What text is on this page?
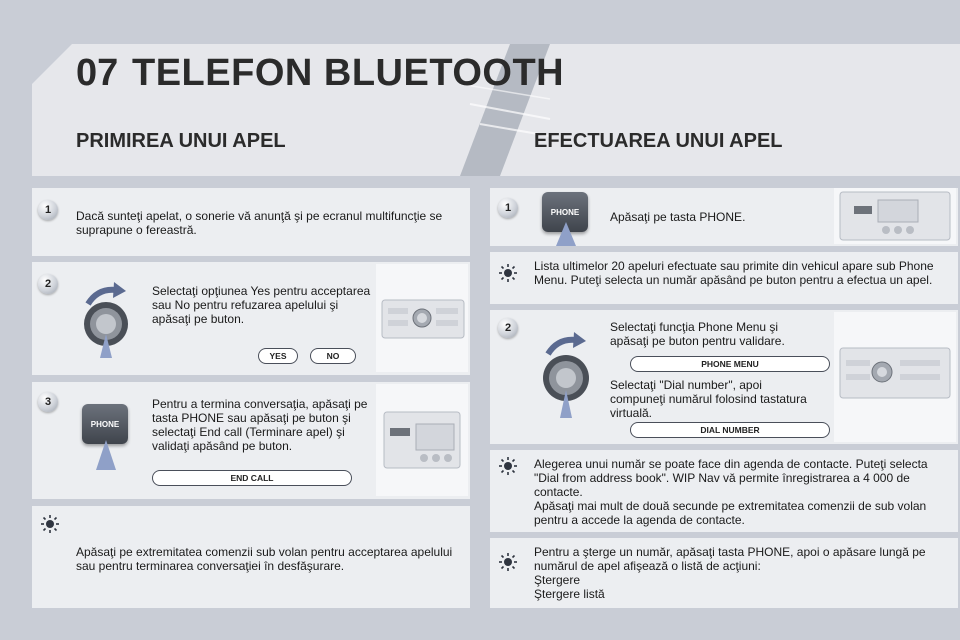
07 TELEFON BLUETOOTH
PRIMIREA UNUI APEL	EFECTUAREA UNUI APEL
1	Dacă sunteţi apelat, o sonerie vă anunţă şi pe ecranul multifuncţie se suprapune o fereastră.
2	Selectaţi opţiunea Yes pentru acceptarea sau No pentru refuzarea apelului şi apăsaţi pe buton.
YES	NO
3
PHONE
Pentru a termina conversaţia, apăsaţi pe tasta PHONE sau apăsaţi pe buton şi selectaţi End call (Terminare apel) şi validaţi apăsând pe buton.
END CALL
Apăsaţi pe extremitatea comenzii sub volan pentru acceptarea apelului sau pentru terminarea conversaţiei în desfăşurare.
1	PHONE	Apăsaţi pe tasta PHONE.
Lista ultimelor 20 apeluri efectuate sau primite din vehicul apare sub Phone Menu. Puteţi selecta un număr apăsând pe buton pentru a efectua un apel.
2	Selectaţi funcţia Phone Menu şi apăsaţi pe buton pentru validare.
PHONE MENU
Selectaţi "Dial number", apoi compuneţi numărul folosind tastatura virtuală.
DIAL NUMBER
Alegerea unui număr se poate face din agenda de contacte. Puteţi selecta "Dial from address book". WIP Nav vă permite înregistrarea a 4 000 de contacte.
Apăsaţi mai mult de două secunde pe extremitatea comenzii de sub volan pentru a accede la agenda de contacte.
Pentru a şterge un număr, apăsaţi tasta PHONE, apoi o apăsare lungă pe numărul de apel afişează o listă de acţiuni:
Ştergere
Ştergere listă
